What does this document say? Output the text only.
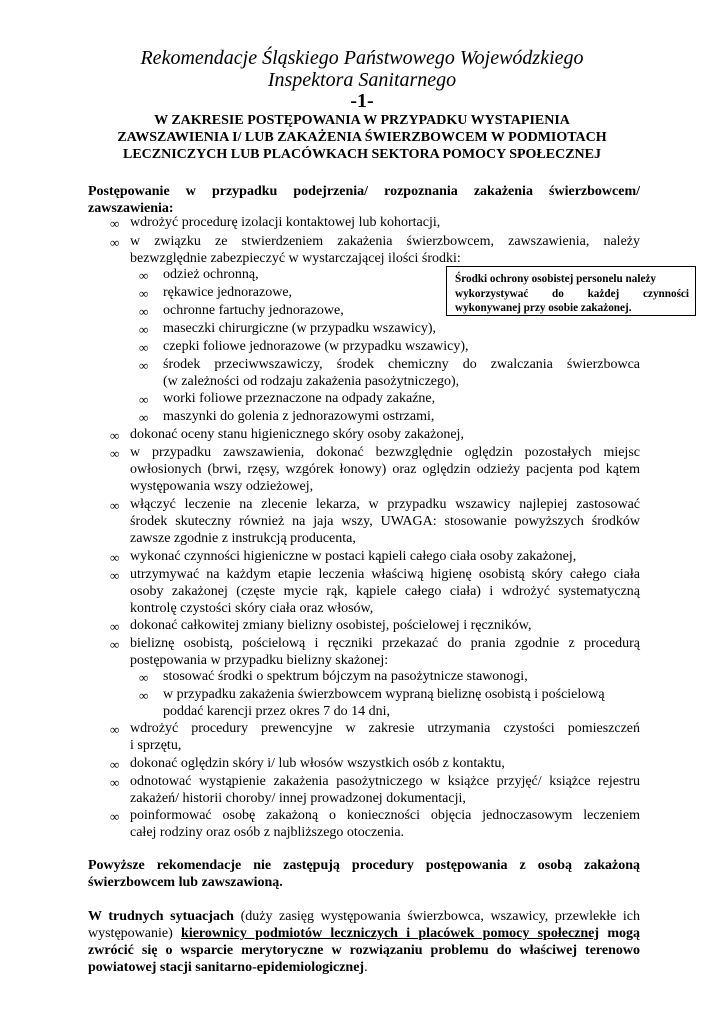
Rekomendacje Śląskiego Państwowego Wojewódzkiego
Inspektora Sanitarnego
-1-
W ZAKRESIE POSTĘPOWANIA W PRZYPADKU WYSTAPIENIA
ZAWSZAWIENIA I/ LUB ZAKAŻENIA ŚWIERZBOWCEM W PODMIOTACH
LECZNICZYCH LUB PLACÓWKACH SEKTORA POMOCY SPOŁECZNEJ
Postępowanie w przypadku podejrzenia/ rozpoznania zakażenia świerzbowcem/
zawszawienia:
∞ wdrożyć procedurę izolacji kontaktowej lub kohortacji,
∞ w związku ze stwierdzeniem zakażenia świerzbowcem, zawszawienia, należy
bezwzględnie zabezpieczyć w wystarczającej ilości środki:
∞	odzież ochronną,
∞	rękawice jednorazowe,
∞	ochronne fartuchy jednorazowe,
∞	maseczki chirurgiczne (w przypadku wszawicy),
∞	czepki foliowe jednorazowe (w przypadku wszawicy),
∞	środek przeciwwszawiczy, środek chemiczny do zwalczania świerzbowca
(w zależności od rodzaju zakażenia pasożytniczego),
∞	worki foliowe przeznaczone na odpady zakaźne,
∞	maszynki do golenia z jednorazowymi ostrzami,
Środki ochrony osobistej personelu należy
wykorzystywać do każdej czynności
wykonywanej przy osobie zakażonej.
∞ dokonać oceny stanu higienicznego skóry osoby zakażonej,
∞ w przypadku zawszawienia, dokonać bezwzględnie oględzin pozostałych miejsc
owłosionych (brwi, rzęsy, wzgórek łonowy) oraz oględzin odzieży pacjenta pod kątem
występowania wszy odzieżowej,
∞ włączyć leczenie na zlecenie lekarza, w przypadku wszawicy najlepiej zastosować
środek skuteczny również na jaja wszy, UWAGA: stosowanie powyższych środków
zawsze zgodnie z instrukcją producenta,
∞ wykonać czynności higieniczne w postaci kąpieli całego ciała osoby zakażonej,
∞ utrzymywać na każdym etapie leczenia właściwą higienę osobistą skóry całego ciała
osoby zakażonej (częste mycie rąk, kąpiele całego ciała) i wdrożyć systematyczną
kontrolę czystości skóry ciała oraz włosów,
∞ dokonać całkowitej zmiany bielizny osobistej, pościelowej i ręczników,
∞ bieliznę osobistą, pościelową i ręczniki przekazać do prania zgodnie z procedurą
postępowania w przypadku bielizny skażonej:
∞	stosować środki o spektrum bójczym na pasożytnicze stawonogi,
∞	w przypadku zakażenia świerzbowcem wypraną bieliznę osobistą i pościelową
poddać karencji przez okres 7 do 14 dni,
∞ wdrożyć procedury prewencyjne w zakresie utrzymania czystości pomieszczeń
i sprzętu,
∞ dokonać oględzin skóry i/ lub włosów wszystkich osób z kontaktu,
∞ odnotować wystąpienie zakażenia pasożytniczego w książce przyjęć/ książce rejestru
zakażeń/ historii choroby/ innej prowadzonej dokumentacji,
∞ poinformować osobę zakażoną o konieczności objęcia jednoczasowym leczeniem
całej rodziny oraz osób z najbliższego otoczenia.
Powyższe rekomendacje nie zastępują procedury postępowania z osobą zakażoną
świerzbowcem lub zawszawioną.
W trudnych sytuacjach (duży zasięg występowania świerzbowca, wszawicy, przewlekłe ich
występowanie) kierownicy podmiotów leczniczych i placówek pomocy społecznej mogą
zwrócić się o wsparcie merytoryczne w rozwiązaniu problemu do właściwej terenowo
powiatowej stacji sanitarno-epidemiologicznej.
